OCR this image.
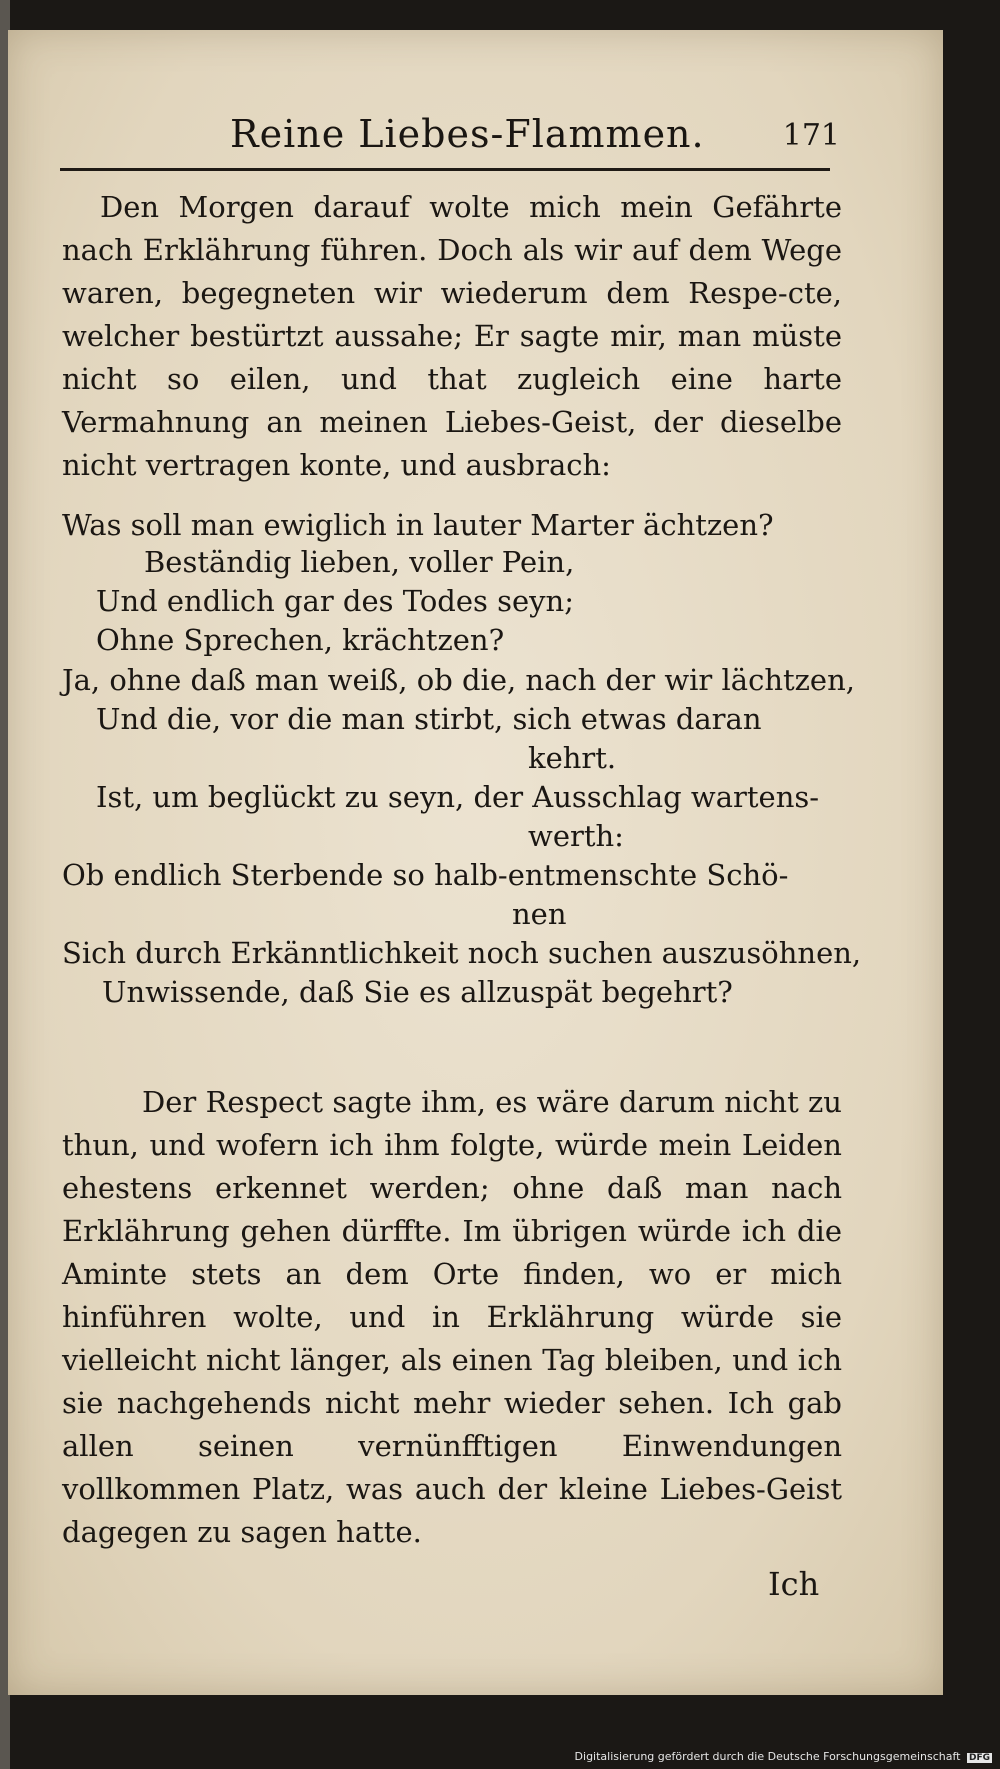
Reine Liebes-Flammen.	171
Den Morgen darauf wolte mich mein Gefährte nach Erklährung führen. Doch als wir auf dem Wege waren, begegneten wir wiederum dem Respe-cte, welcher bestürtzt aussahe; Er sagte mir, man müste nicht so eilen, und that zugleich eine harte Vermahnung an meinen Liebes-Geist, der dieselbe nicht vertragen konte, und ausbrach:
Was soll man ewiglich in lauter Marter ächtzen?
Beständig lieben, voller Pein,
Und endlich gar des Todes seyn;
Ohne Sprechen, krächtzen?
Ja, ohne daß man weiß, ob die, nach der wir lächtzen,
Und die, vor die man stirbt, sich etwas daran
kehrt.
Ist, um beglückt zu seyn, der Ausschlag wartens-
werth:
Ob endlich Sterbende so halb-entmenschte Schö-
nen
Sich durch Erkänntlichkeit noch suchen auszusöhnen,
Unwissende, daß Sie es allzuspät begehrt?
Der Respect sagte ihm, es wäre darum nicht zu thun, und wofern ich ihm folgte, würde mein Leiden ehestens erkennet werden; ohne daß man nach Erklährung gehen dürffte. Im übrigen würde ich die Aminte stets an dem Orte finden, wo er mich hinführen wolte, und in Erklährung würde sie vielleicht nicht länger, als einen Tag bleiben, und ich sie nachgehends nicht mehr wieder sehen. Ich gab allen seinen vernünfftigen Einwendungen vollkommen Platz, was auch der kleine Liebes-Geist dagegen zu sagen hatte.
Ich
Digitalisierung gefördert durch die Deutsche Forschungsgemeinschaft DFG
